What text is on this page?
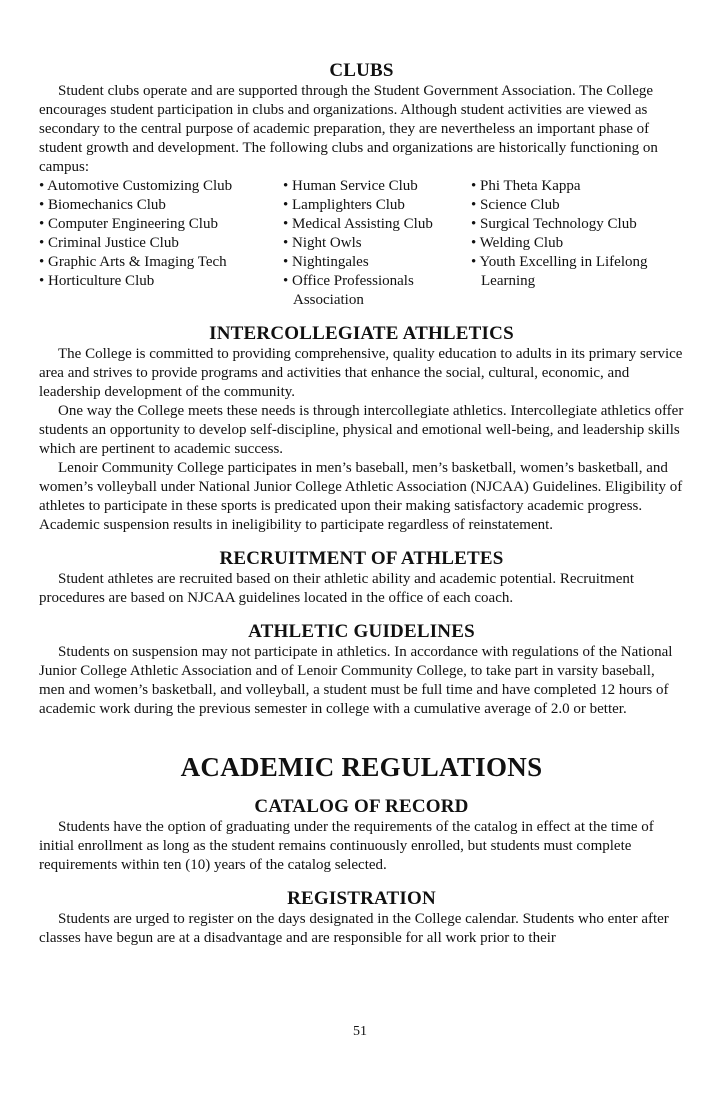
CLUBS

Student clubs operate and are supported through the Student Government Association. The College encourages student participation in clubs and organizations. Although student activities are viewed as secondary to the central purpose of academic preparation, they are nevertheless an important phase of student growth and development. The following clubs and organizations are historically functioning on campus:

• Automotive Customizing Club
• Biomechanics Club
• Computer Engineering Club
• Criminal Justice Club
• Graphic Arts & Imaging Tech
• Horticulture Club
• Human Service Club
• Lamplighters Club
• Medical Assisting Club
• Night Owls
• Nightingales
• Office Professionals Association
• Phi Theta Kappa
• Science Club
• Surgical Technology Club
• Welding Club
• Youth Excelling in Lifelong Learning
INTERCOLLEGIATE ATHLETICS

The College is committed to providing comprehensive, quality education to adults in its primary service area and strives to provide programs and activities that enhance the social, cultural, economic, and leadership development of the community.

One way the College meets these needs is through intercollegiate athletics. Intercollegiate athletics offer students an opportunity to develop self-discipline, physical and emotional well-being, and leadership skills which are pertinent to academic success.

Lenoir Community College participates in men’s baseball, men’s basketball, women’s basketball, and women’s volleyball under National Junior College Athletic Association (NJCAA) Guidelines. Eligibility of athletes to participate in these sports is predicated upon their making satisfactory academic progress. Academic suspension results in ineligibility to participate regardless of reinstatement.

RECRUITMENT OF ATHLETES

Student athletes are recruited based on their athletic ability and academic potential. Recruitment procedures are based on NJCAA guidelines located in the office of each coach.

ATHLETIC GUIDELINES

Students on suspension may not participate in athletics. In accordance with regulations of the National Junior College Athletic Association and of Lenoir Community College, to take part in varsity baseball, men and women’s basketball, and volleyball, a student must be full time and have completed 12 hours of academic work during the previous semester in college with a cumulative average of 2.0 or better.

ACADEMIC REGULATIONS
CATALOG OF RECORD

Students have the option of graduating under the requirements of the catalog in effect at the time of initial enrollment as long as the student remains continuously enrolled, but students must complete requirements within ten (10) years of the catalog selected.

REGISTRATION

Students are urged to register on the days designated in the College calendar. Students who enter after classes have begun are at a disadvantage and are responsible for all work prior to their

51
